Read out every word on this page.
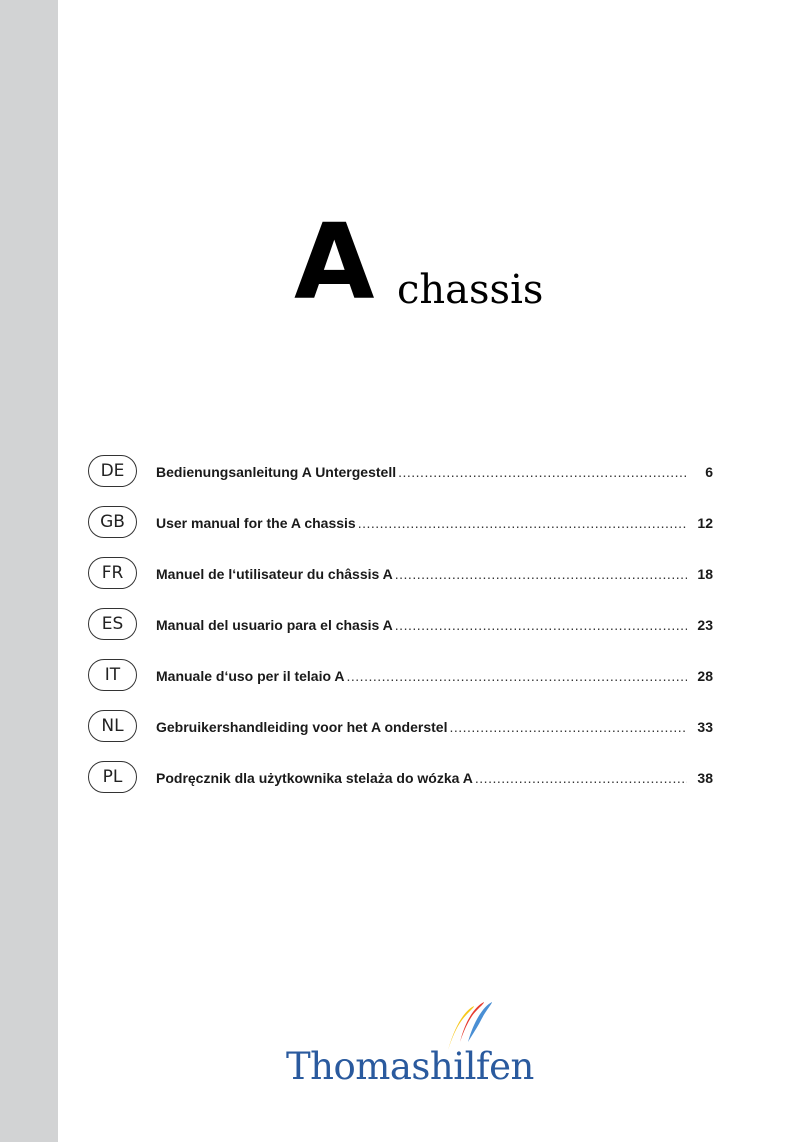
A chassis
DE	Bedienungsanleitung A Untergestell .....	6
GB	User manual for the A chassis .....	12
FR	Manuel de l‘utilisateur du châssis A .....	18
ES	Manual del usuario para el chasis A .....	23
IT	Manuale d‘uso per il telaio A .....	28
NL	Gebruikershandleiding voor het A onderstel .....	33
PL	Podręcznik dla użytkownika stelaża do wózka A .....	38
Thomashilfen
